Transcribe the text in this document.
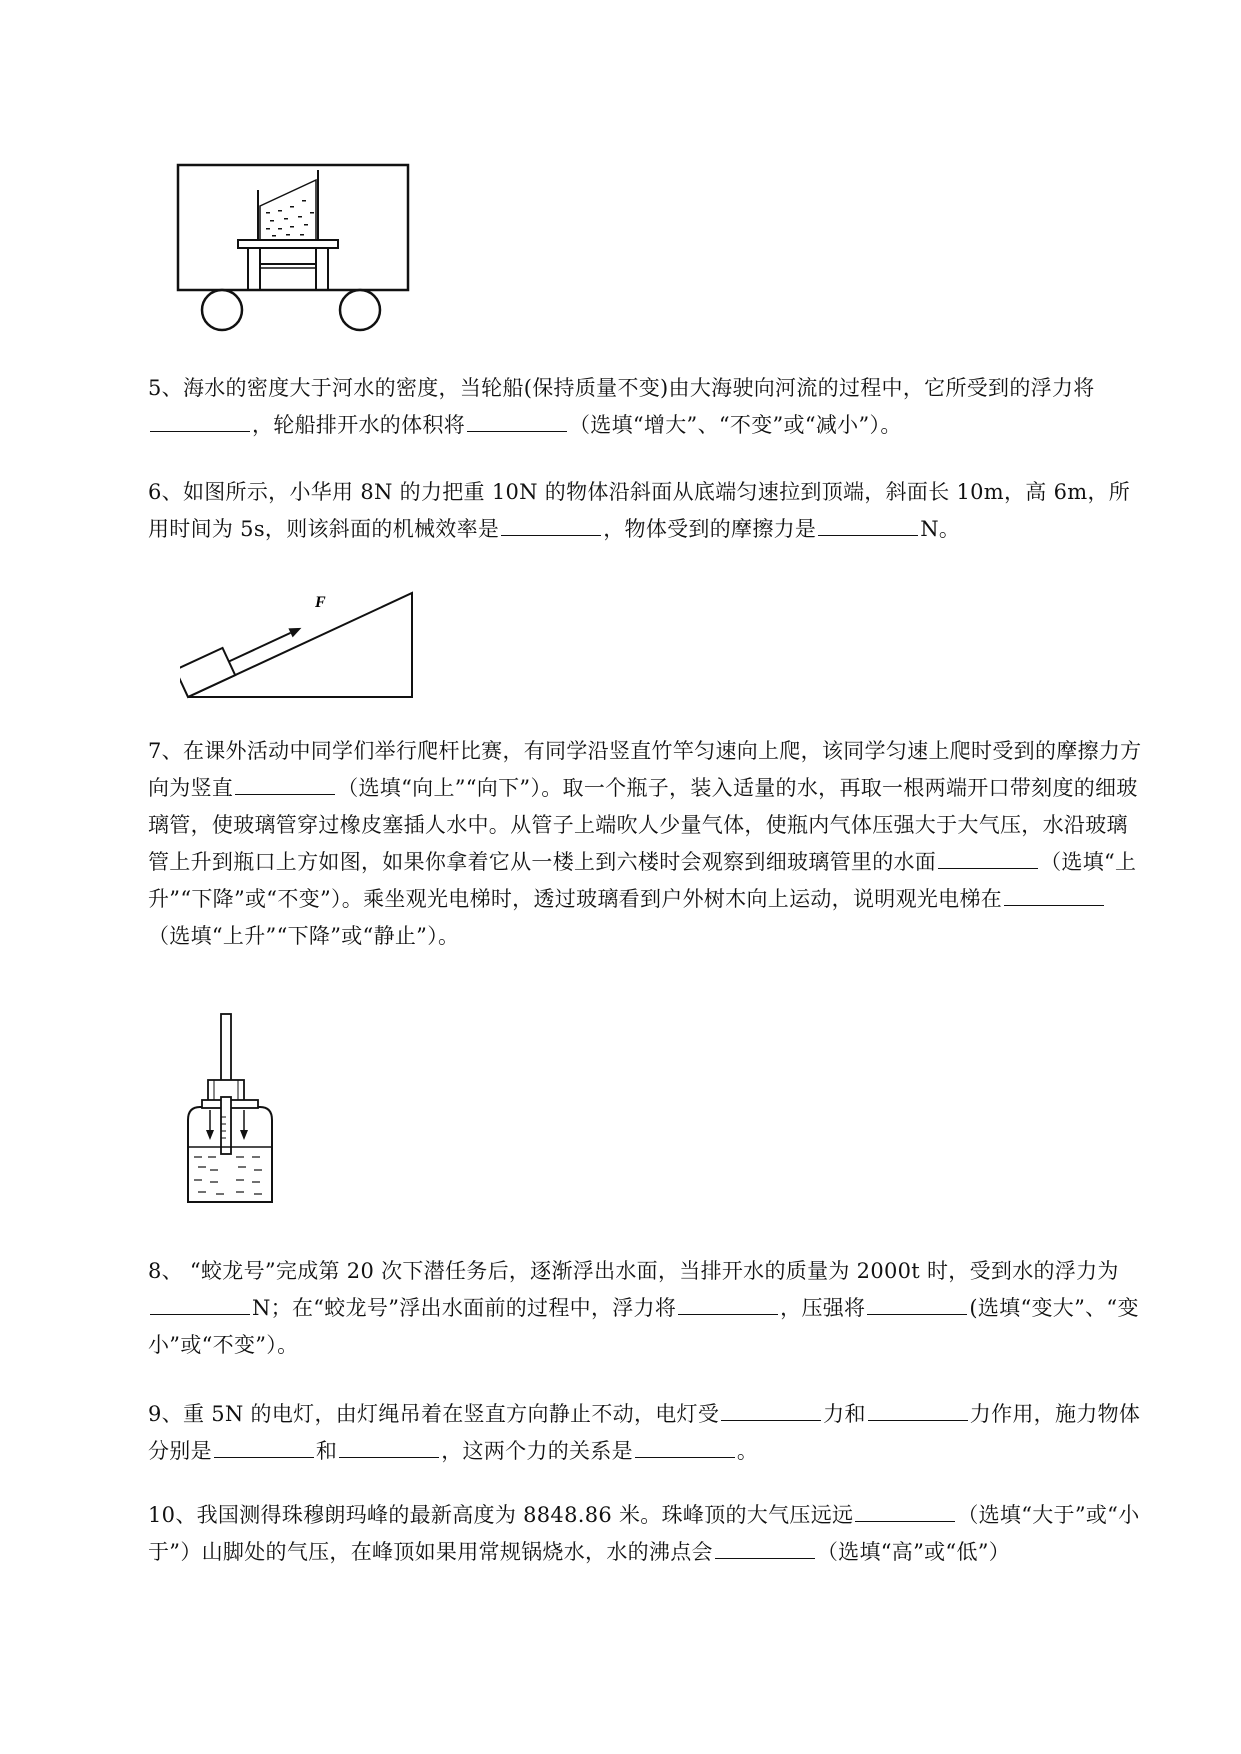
5、海水的密度大于河水的密度，当轮船(保持质量不变)由大海驶向河流的过程中，它所受到的浮力将，轮船排开水的体积将	（选填“增大”、“不变”或“减小”）。
6、如图所示，小华用 8N 的力把重 10N 的物体沿斜面从底端匀速拉到顶端，斜面长 10m，高 6m，所用时间为 5s，则该斜面的机械效率是	，物体受到的摩擦力是	N。
F
7、在课外活动中同学们举行爬杆比赛，有同学沿竖直竹竿匀速向上爬，该同学匀速上爬时受到的摩擦力方向为竖直	（选填“向上”“向下”）。取一个瓶子，装入适量的水，再取一根两端开口带刻度的细玻璃管，使玻璃管穿过橡皮塞插人水中。从管子上端吹人少量气体，使瓶内气体压强大于大气压，水沿玻璃管上升到瓶口上方如图，如果你拿着它从一楼上到六楼时会观察到细玻璃管里的水面	（选填“上升”“下降”或“不变”）。乘坐观光电梯时，透过玻璃看到户外树木向上运动，说明观光电梯在（选填“上升”“下降”或“静止”）。
8、 “蛟龙号”完成第 20 次下潜任务后，逐渐浮出水面，当排开水的质量为 2000t 时，受到水的浮力为N；在“蛟龙号”浮出水面前的过程中，浮力将	，压强将	(选填“变大”、“变小”或“不变”）。
9、重 5N 的电灯，由灯绳吊着在竖直方向静止不动，电灯受	力和	力作用，施力物体分别是	和	，这两个力的关系是	。
10、我国测得珠穆朗玛峰的最新高度为 8848.86 米。珠峰顶的大气压远远	（选填“大于”或“小于”）山脚处的气压，在峰顶如果用常规锅烧水，水的沸点会	（选填“高”或“低”）
